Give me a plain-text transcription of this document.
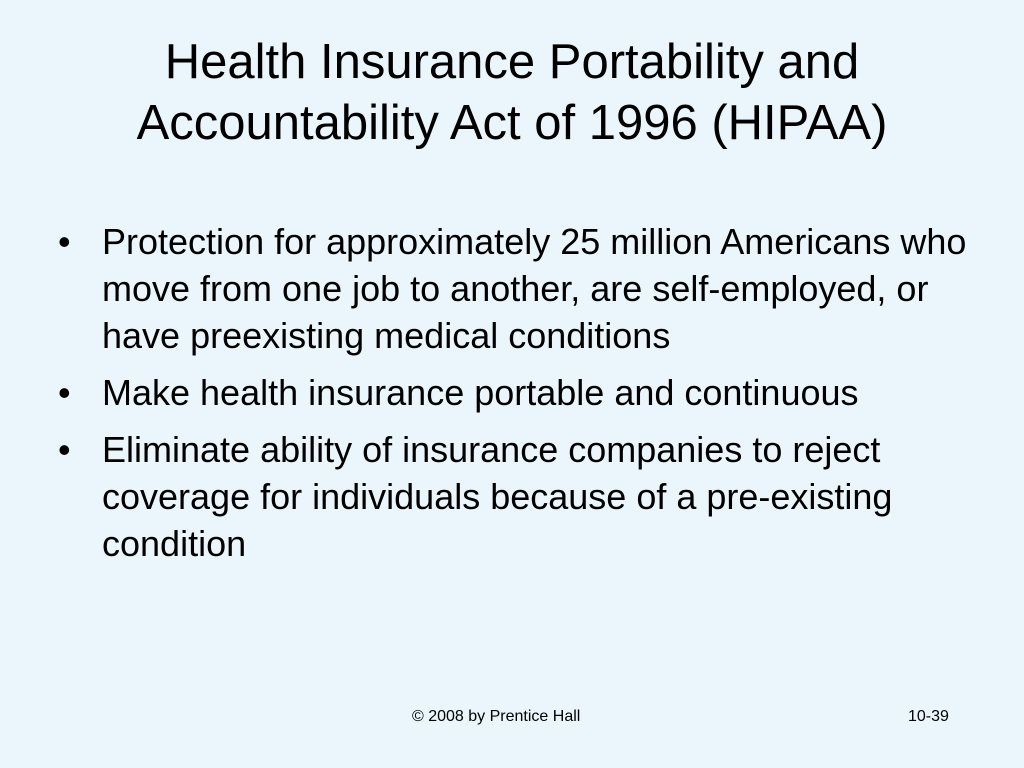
Health Insurance Portability and Accountability Act of 1996 (HIPAA)
• Protection for approximately 25 million Americans who move from one job to another, are self-employed, or have preexisting medical conditions
• Make health insurance portable and continuous
• Eliminate ability of insurance companies to reject coverage for individuals because of a pre-existing condition
© 2008 by Prentice Hall	10-39
